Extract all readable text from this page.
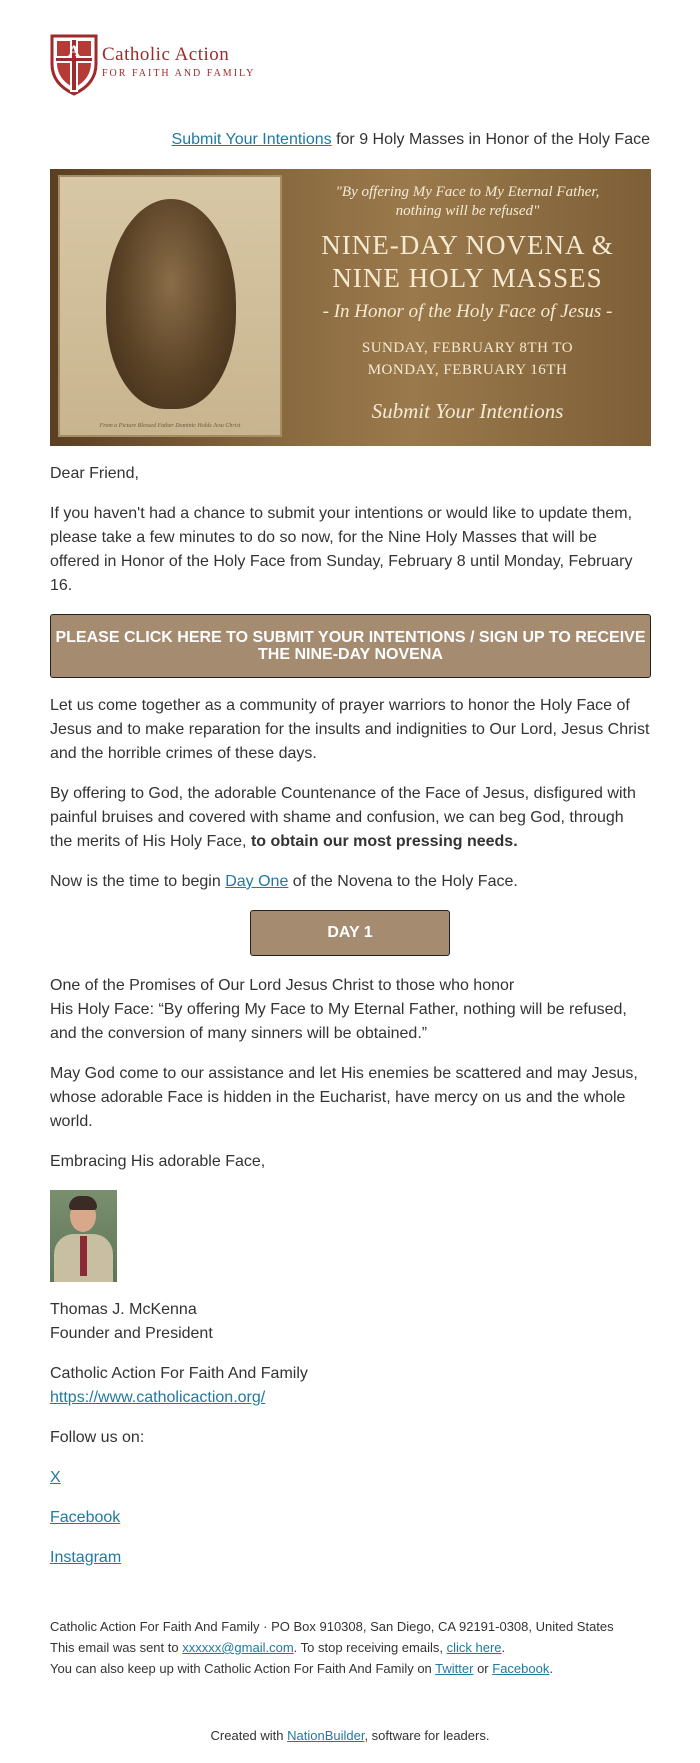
A Catholic Action
FOR FAITH AND FAMILY
Submit Your Intentions for 9 Holy Masses in Honor of the Holy Face
From a Picture Blessed Father Dominic Holds Jesu Christ
"By offering My Face to My Eternal Father,
nothing will be refused"
NINE-DAY NOVENA &
NINE HOLY MASSES
- In Honor of the Holy Face of Jesus -
SUNDAY, FEBRUARY 8TH TO
MONDAY, FEBRUARY 16TH
Submit Your Intentions
Dear Friend,
If you haven't had a chance to submit your intentions or would like to update them, please take a few minutes to do so now, for the Nine Holy Masses that will be offered in Honor of the Holy Face from Sunday, February 8 until Monday, February 16.
PLEASE CLICK HERE TO SUBMIT YOUR INTENTIONS / SIGN UP TO RECEIVE THE NINE-DAY NOVENA
Let us come together as a community of prayer warriors to honor the Holy Face of Jesus and to make reparation for the insults and indignities to Our Lord, Jesus Christ and the horrible crimes of these days.
By offering to God, the adorable Countenance of the Face of Jesus, disfigured with painful bruises and covered with shame and confusion, we can beg God, through the merits of His Holy Face, to obtain our most pressing needs.
Now is the time to begin Day One of the Novena to the Holy Face.
DAY 1
One of the Promises of Our Lord Jesus Christ to those who honor
His Holy Face: “By offering My Face to My Eternal Father, nothing will be refused, and the conversion of many sinners will be obtained.”
May God come to our assistance and let His enemies be scattered and may Jesus, whose adorable Face is hidden in the Eucharist, have mercy on us and the whole world.
Embracing His adorable Face,
Thomas J. McKenna
Founder and President
Catholic Action For Faith And Family
https://www.catholicaction.org/
Follow us on:
X
Facebook
Instagram
Catholic Action For Faith And Family · PO Box 910308, San Diego, CA 92191-0308, United States
This email was sent to xxxxxx@gmail.com. To stop receiving emails, click here.
You can also keep up with Catholic Action For Faith And Family on Twitter or Facebook.
Created with NationBuilder, software for leaders.
